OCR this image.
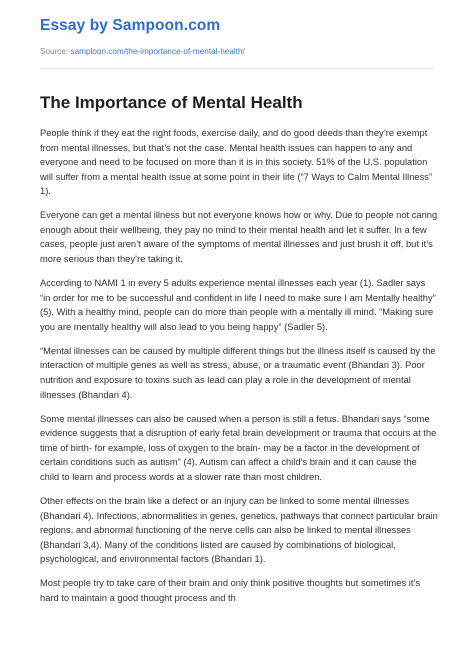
Essay by Sampoon.com
Source: samploon.com/the-importance-of-mental-health/
The Importance of Mental Health

People think if they eat the right foods, exercise daily, and do good deeds than they’re exempt from mental illnesses, but that’s not the case. Mental health issues can happen to any and everyone and need to be focused on more than it is in this society. 51% of the U.S. population will suffer from a mental health issue at some point in their life (“7 Ways to Calm Mental Illness” 1).

Everyone can get a mental illness but not everyone knows how or why. Due to people not caring enough about their wellbeing, they pay no mind to their mental health and let it suffer. In a few cases, people just aren’t aware of the symptoms of mental illnesses and just brush it off, but it’s more serious than they’re taking it.

According to NAMI 1 in every 5 adults experience mental illnesses each year (1). Sadler says “in order for me to be successful and confident in life I need to make sure I am Mentally healthy” (5). With a healthy mind, people can do more than people with a mentally ill mind. “Making sure you are mentally healthy will also lead to you being happy” (Sadler 5).

“Mental illnesses can be caused by multiple different things but the illness itself is caused by the interaction of multiple genes as well as stress, abuse, or a traumatic event (Bhandari 3). Poor nutrition and exposure to toxins such as lead can play a role in the development of mental illnesses (Bhandari 4).

Some mental illnesses can also be caused when a person is still a fetus. Bhandari says “some evidence suggests that a disruption of early fetal brain development or trauma that occurs at the time of birth- for example, loss of oxygen to the brain- may be a factor in the development of certain conditions such as autism” (4). Autism can affect a child’s brain and it can cause the child to learn and process words at a slower rate than most children.

Other effects on the brain like a defect or an injury can be linked to some mental illnesses (Bhandari 4). Infections, abnormalities in genes, genetics, pathways that connect particular brain regions, and abnormal functioning of the nerve cells can also be linked to mental illnesses (Bhandari 3,4). Many of the conditions listed are caused by combinations of biological, psychological, and environmental factors (Bhandari 1).

Most people try to take care of their brain and only think positive thoughts but sometimes it’s hard to maintain a good thought process and th
